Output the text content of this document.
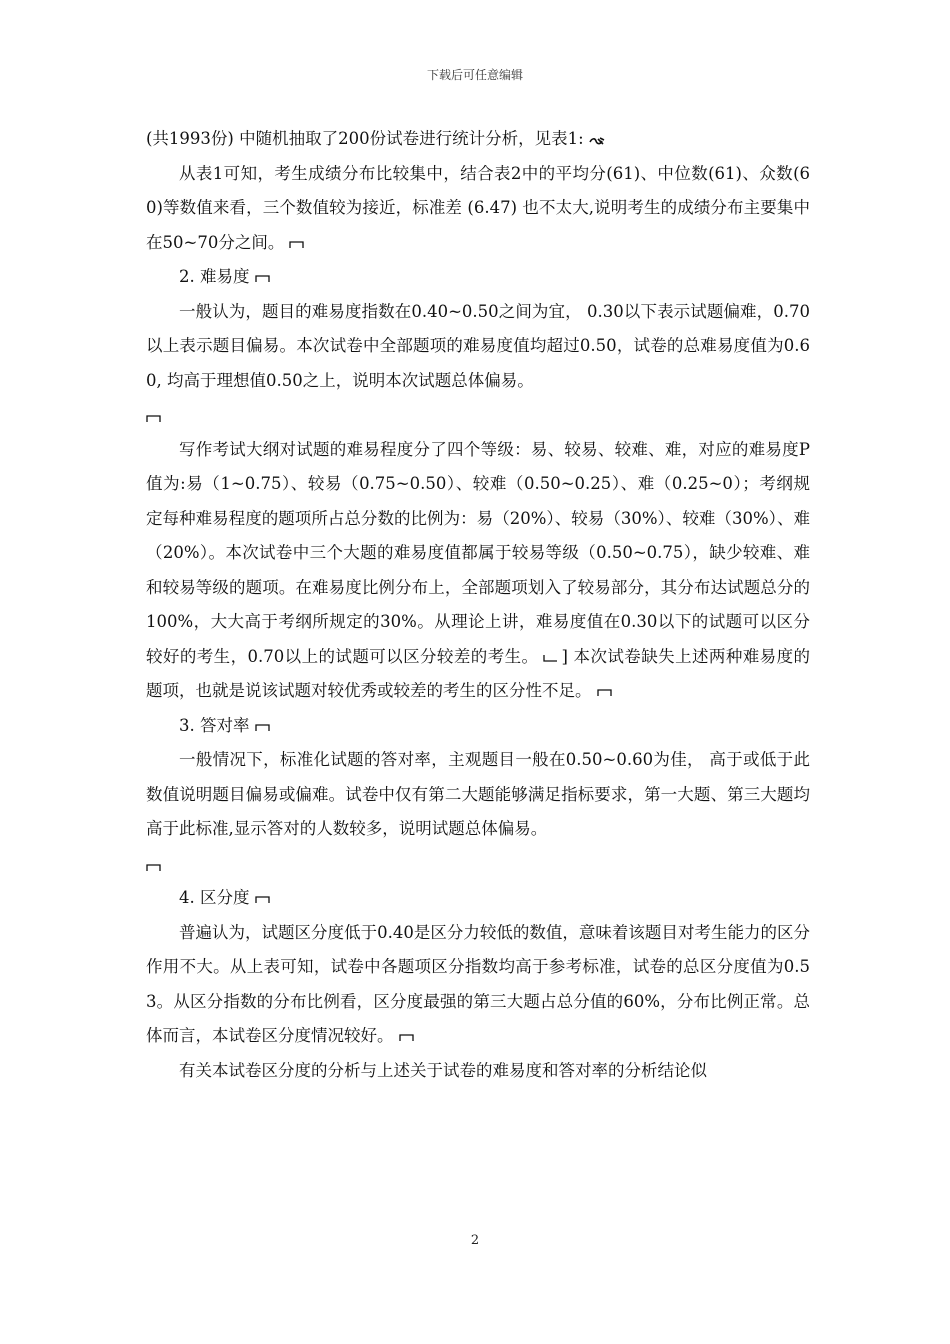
下载后可任意编辑

(共1993份) 中随机抽取了200份试卷进行统计分析，见表1:

从表1可知，考生成绩分布比较集中，结合表2中的平均分(61)、中位数(61)、众数(60)等数值来看，三个数值较为接近，标准差 (6.47) 也不太大,说明考生的成绩分布主要集中在50~70分之间。

2. 难易度

一般认为，题目的难易度指数在0.40~0.50之间为宜， 0.30以下表示试题偏难，0.70以上表示题目偏易。本次试卷中全部题项的难易度值均超过0.50，试卷的总难易度值为0.60, 均高于理想值0.50之上，说明本次试题总体偏易。

写作考试大纲对试题的难易程度分了四个等级：易、较易、较难、难，对应的难易度P值为:易（1~0.75）、较易（0.75~0.50）、较难（0.50~0.25）、难（0.25~0）；考纲规定每种难易程度的题项所占总分数的比例为：易（20%）、较易（30%）、较难（30%）、难（20%）。本次试卷中三个大题的难易度值都属于较易等级（0.50~0.75），缺少较难、难和较易等级的题项。在难易度比例分布上，全部题项划入了较易部分，其分布达试题总分的100%，大大高于考纲所规定的30%。从理论上讲，难易度值在0.30以下的试题可以区分较好的考生，0.70以上的试题可以区分较差的考生。 ] 本次试卷缺失上述两种难易度的题项，也就是说该试题对较优秀或较差的考生的区分性不足。

3. 答对率

一般情况下，标准化试题的答对率，主观题目一般在0.50~0.60为佳， 高于或低于此数值说明题目偏易或偏难。试卷中仅有第二大题能够满足指标要求，第一大题、第三大题均高于此标准,显示答对的人数较多，说明试题总体偏易。

4. 区分度

普遍认为，试题区分度低于0.40是区分力较低的数值，意味着该题目对考生能力的区分作用不大。从上表可知，试卷中各题项区分指数均高于参考标准，试卷的总区分度值为0.53。从区分指数的分布比例看，区分度最强的第三大题占总分值的60%，分布比例正常。总体而言，本试卷区分度情况较好。

有关本试卷区分度的分析与上述关于试卷的难易度和答对率的分析结论似

2
